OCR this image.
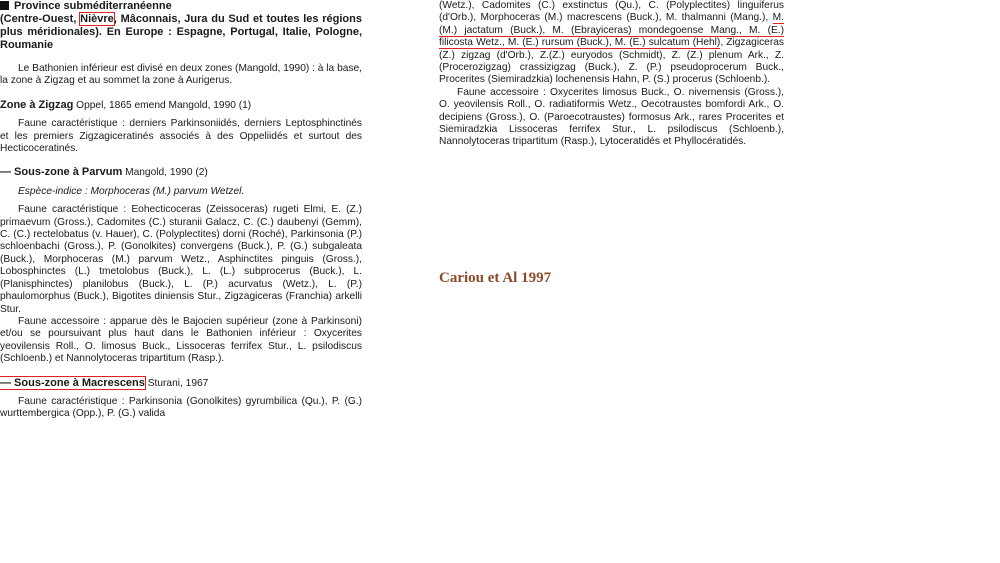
Province subméditerranéenne
(Centre-Ouest, Nièvre, Mâconnais, Jura du Sud et toutes les régions plus méridionales). En Europe : Espagne, Portugal, Italie, Pologne, Roumanie
Le Bathonien inférieur est divisé en deux zones (Mangold, 1990) : à la base, la zone à Zigzag et au sommet la zone à Aurigerus.
Zone à Zigzag Oppel, 1865 emend Mangold, 1990 (1)
Faune caractéristique : derniers Parkinsoniidés, derniers Leptosphinctinés et les premiers Zigzagiceratinés associés à des Oppeliidés et surtout des Hecticoceratinés.
— Sous-zone à Parvum Mangold, 1990 (2)
Espèce-indice : Morphoceras (M.) parvum Wetzel.
Faune caractéristique : Eohecticoceras (Zeissoceras) rugeti Elmi, E. (Z.) primaevum (Gross.), Cadomites (C.) sturanii Galacz, C. (C.) daubenyi (Gemm), C. (C.) rectelobatus (v. Hauer), C. (Polyplectites) dorni (Roché), Parkinsonia (P.) schloenbachi (Gross.), P. (Gonolkites) convergens (Buck.), P. (G.) subgaleata (Buck.), Morphoceras (M.) parvum Wetz., Asphinctites pinguis (Gross.), Lobosphinctes (L.) tmetolobus (Buck.), L. (L.) subprocerus (Buck.), L. (Planisphinctes) planilobus (Buck.), L. (P.) acurvatus (Wetz.), L. (P.) phaulomorphus (Buck.), Bigotites diniensis Stur., Zigzagiceras (Franchia) arkelli Stur.
Faune accessoire : apparue dès le Bajocien supérieur (zone à Parkinsoni) et/ou se poursuivant plus haut dans le Bathonien inférieur : Oxycerites yeovilensis Roll., O. limosus Buck., Lissoceras ferrifex Stur., L. psilodiscus (Schloenb.) et Nannolytoceras tripartitum (Rasp.).
— Sous-zone à Macrescens Sturani, 1967
Faune caractéristique : Parkinsonia (Gonolkites) gyrumbilica (Qu.), P. (G.) wurttembergica (Opp.), P. (G.) valida
(Wetz.), Cadomites (C.) exstinctus (Qu.), C. (Polyplectites) linguiferus (d'Orb.), Morphoceras (M.) macrescens (Buck.), M. thalmanni (Mang.), M. (M.) jactatum (Buck.), M. (Ebrayiceras) mondegoense Mang., M. (E.) filicosta Wetz., M. (E.) rursum (Buck.), M. (E.) sulcatum (Hehl), Zigzagiceras (Z.) zigzag (d'Orb.), Z.(Z.) euryodos (Schmidt), Z. (Z.) plenum Ark., Z. (Procerozigzag) crassizigzag (Buck.), Z. (P.) pseudoprocerum Buck., Procerites (Siemiradzkia) lochenensis Hahn, P. (S.) procerus (Schloenb.).
Faune accessoire : Oxycerites limosus Buck., O. nivernensis (Gross.), O. yeovilensis Roll., O. radiatiformis Wetz., Oecotraustes bomfordi Ark., O. decipiens (Gross.), O. (Paroecotraustes) formosus Ark., rares Procerites et Siemiradzkia Lissoceras ferrifex Stur., L. psilodiscus (Schloenb.), Nannolytoceras tripartitum (Rasp.), Lytoceratidés et Phyllocératidés.
Cariou et Al 1997
